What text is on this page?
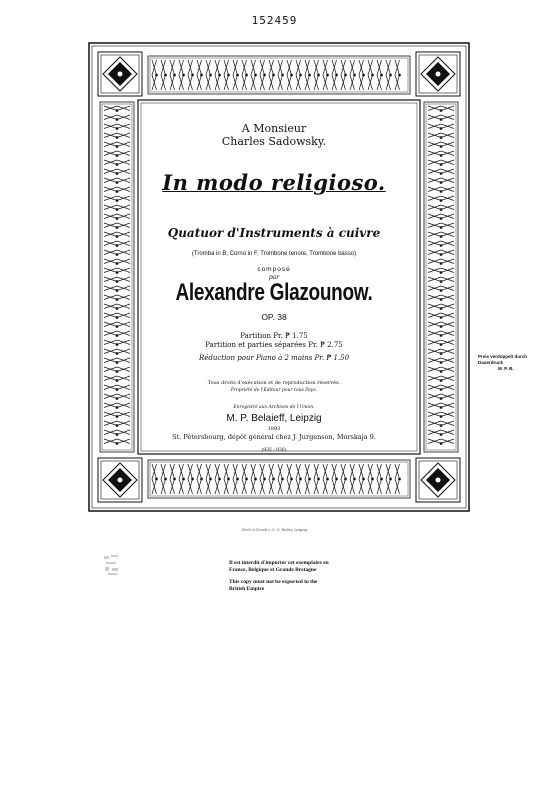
152459
A Monsieur
Charles Sadowsky.
In modo religioso.
Quatuor d'Instruments à cuivre
(Tromba in B, Corno in F, Trombone tenore, Trombone basso)
composé
par
Alexandre Glazounow.
OP. 38
Partition Pr. ₱ 1.75
Partition et parties séparées Pr. ₱ 2.75
Réduction pour Piano à 2 mains Pr. ₱ 1.50
Tous droits d'exécution et de reproduction réservés.
Propriété de l'Éditeur pour tous Pays.
Enregistré aux Archives de l'Union.
M. P. Belaieff, Leipzig
1893
St. Pétersbourg, dépôt général chez J. Jurgenson, Morskaja 9.
(935 - 936)
Preis verdoppelt durch Dauerdruck
M. P. B.
Stich & Druck v. C. G. Röder, Leipzig

Il est interdit d'importer cet exemplaire en
France, Belgique et Grande Bretagne

This copy must not be exported to the
British Empire
